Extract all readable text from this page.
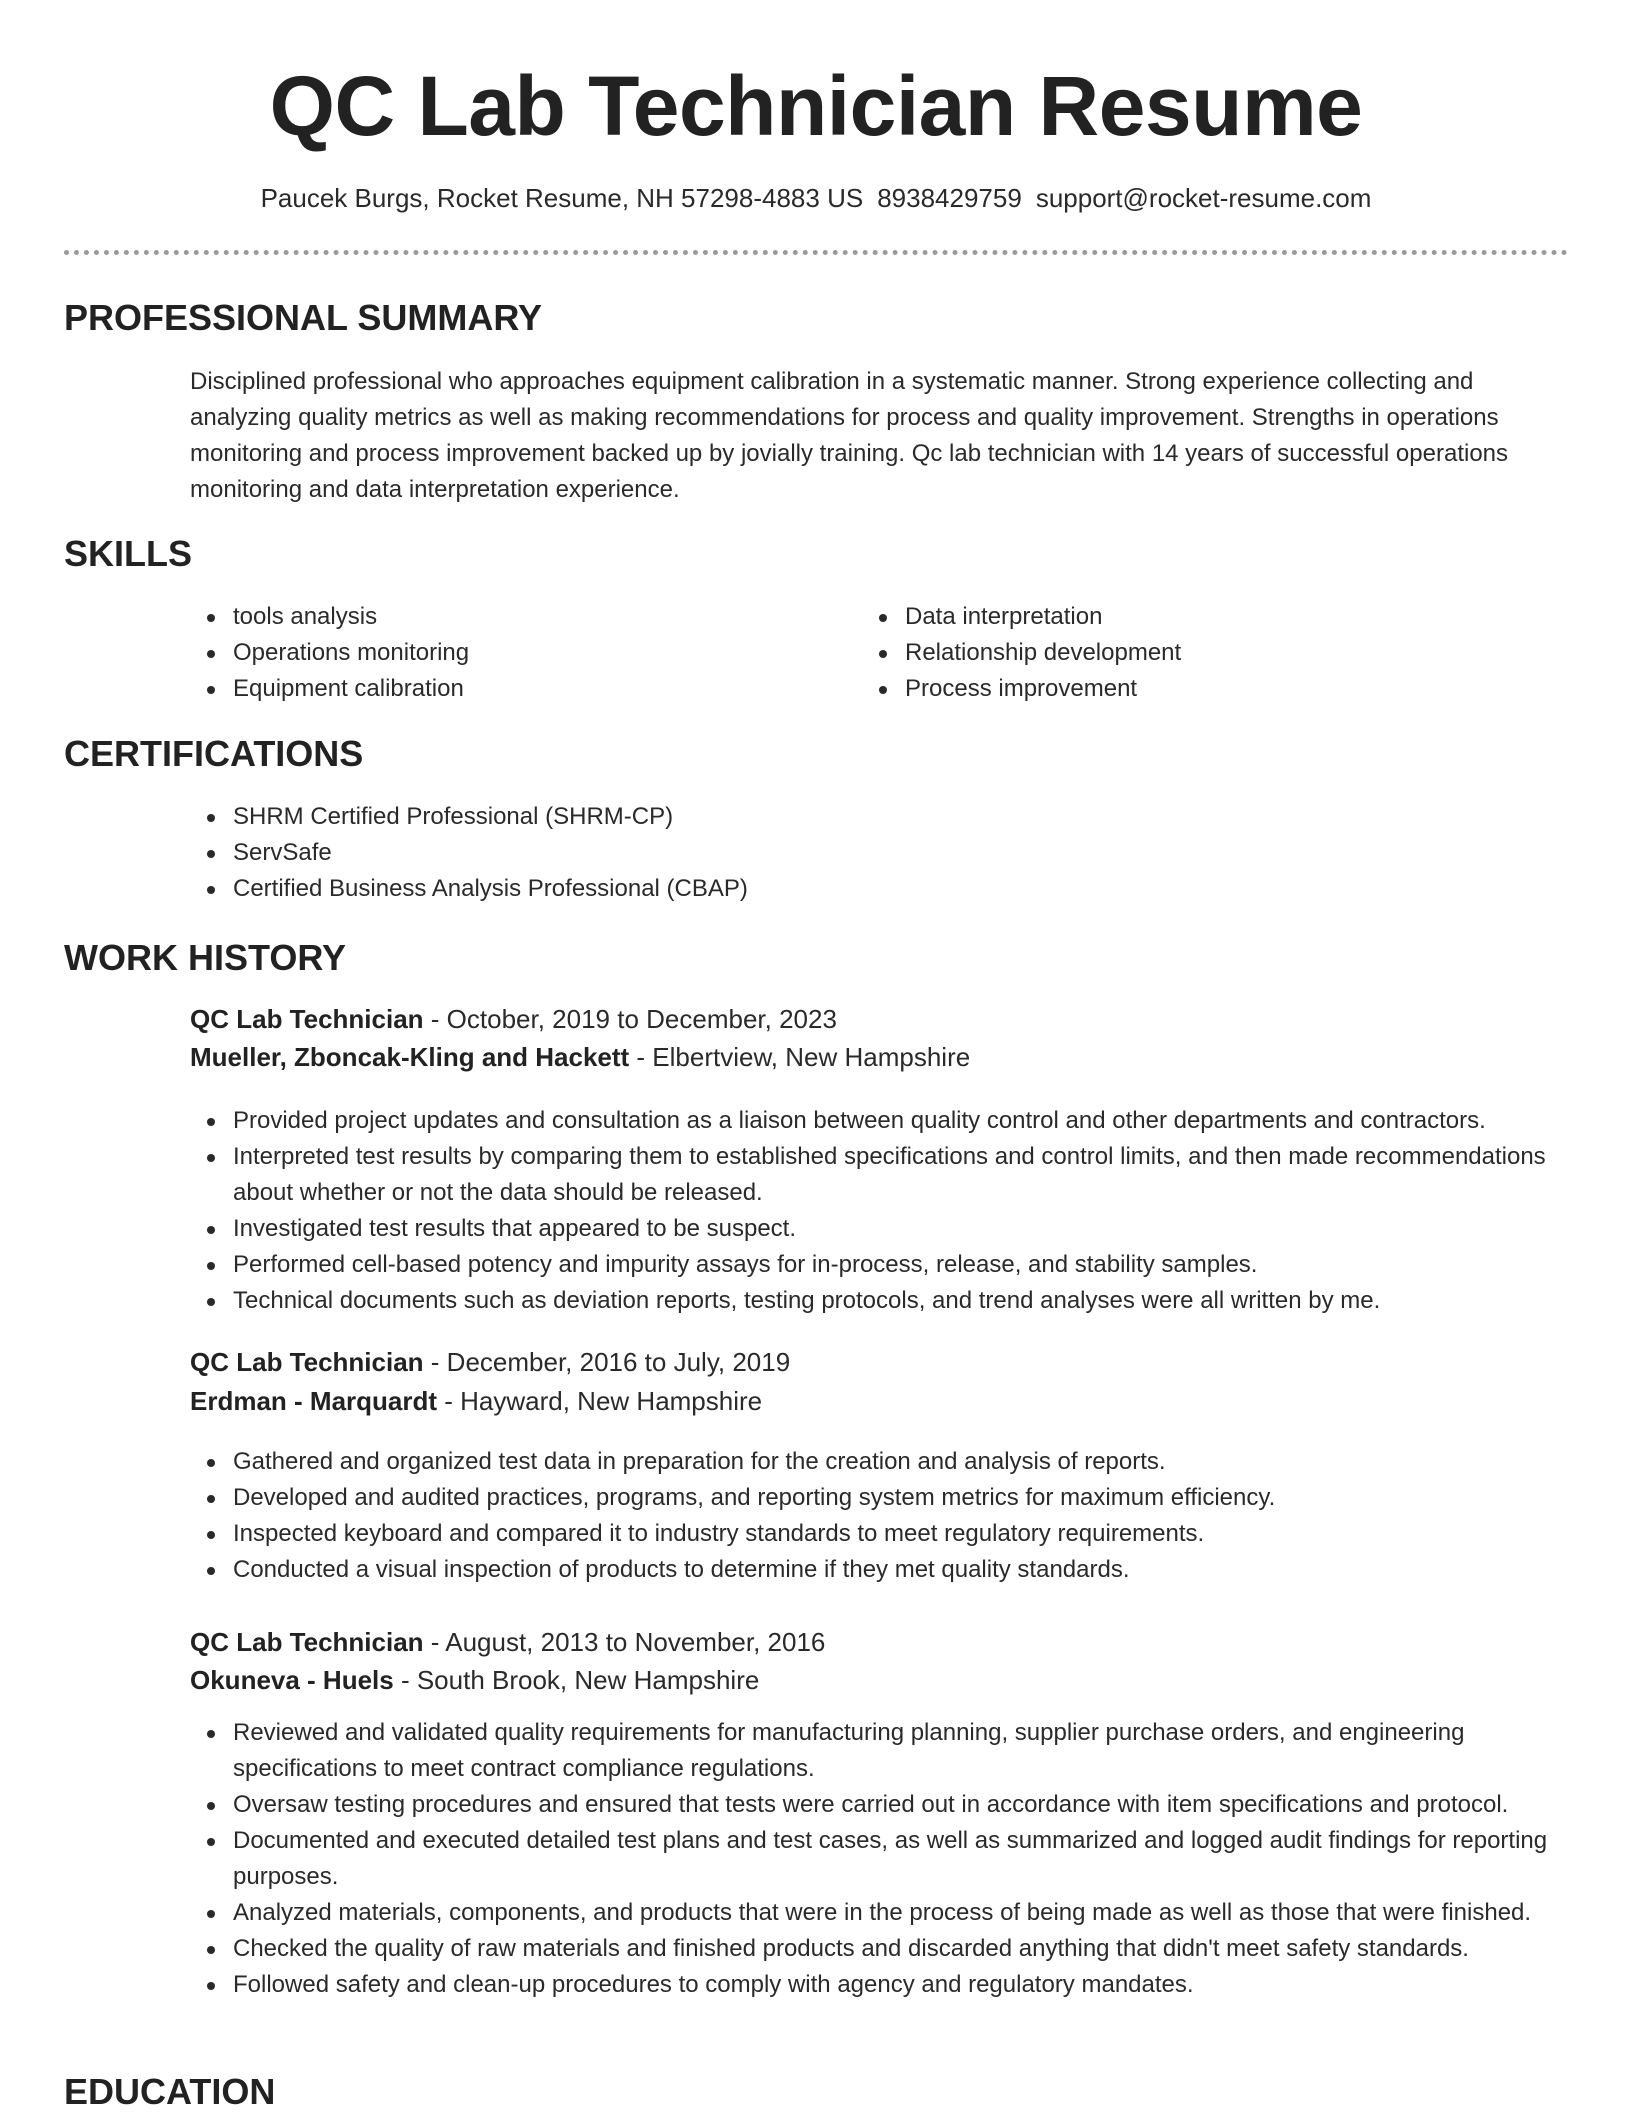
QC Lab Technician Resume
Paucek Burgs, Rocket Resume, NH 57298-4883 US 8938429759 support@rocket-resume.com
PROFESSIONAL SUMMARY

Disciplined professional who approaches equipment calibration in a systematic manner. Strong experience collecting and analyzing quality metrics as well as making recommendations for process and quality improvement. Strengths in operations monitoring and process improvement backed up by jovially training. Qc lab technician with 14 years of successful operations monitoring and data interpretation experience.

SKILLS
tools analysis
Operations monitoring
Equipment calibration
Data interpretation
Relationship development
Process improvement
CERTIFICATIONS
SHRM Certified Professional (SHRM-CP)
ServSafe
Certified Business Analysis Professional (CBAP)
WORK HISTORY
QC Lab Technician - October, 2019 to December, 2023
Mueller, Zboncak-Kling and Hackett - Elbertview, New Hampshire
Provided project updates and consultation as a liaison between quality control and other departments and contractors.
Interpreted test results by comparing them to established specifications and control limits, and then made recommendations about whether or not the data should be released.
Investigated test results that appeared to be suspect.
Performed cell-based potency and impurity assays for in-process, release, and stability samples.
Technical documents such as deviation reports, testing protocols, and trend analyses were all written by me.
QC Lab Technician - December, 2016 to July, 2019
Erdman - Marquardt - Hayward, New Hampshire
Gathered and organized test data in preparation for the creation and analysis of reports.
Developed and audited practices, programs, and reporting system metrics for maximum efficiency.
Inspected keyboard and compared it to industry standards to meet regulatory requirements.
Conducted a visual inspection of products to determine if they met quality standards.
QC Lab Technician - August, 2013 to November, 2016
Okuneva - Huels - South Brook, New Hampshire
Reviewed and validated quality requirements for manufacturing planning, supplier purchase orders, and engineering specifications to meet contract compliance regulations.
Oversaw testing procedures and ensured that tests were carried out in accordance with item specifications and protocol.
Documented and executed detailed test plans and test cases, as well as summarized and logged audit findings for reporting purposes.
Analyzed materials, components, and products that were in the process of being made as well as those that were finished.
Checked the quality of raw materials and finished products and discarded anything that didn't meet safety standards.
Followed safety and clean-up procedures to comply with agency and regulatory mandates.
EDUCATION
